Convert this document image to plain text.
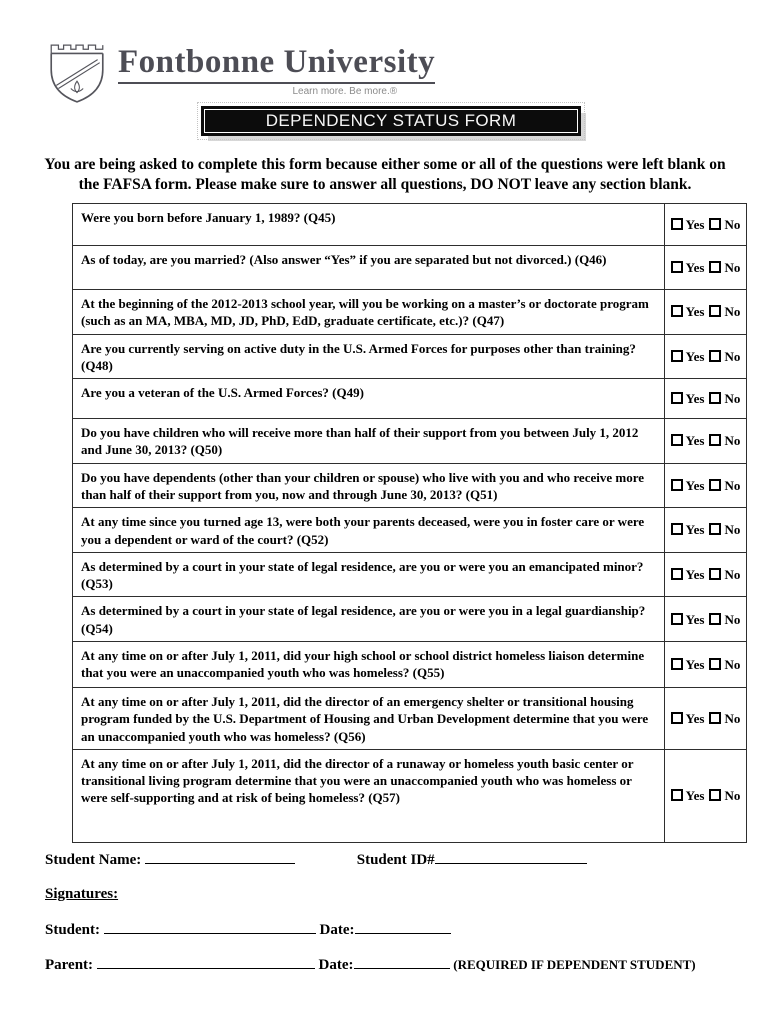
Fontbonne University
Learn more. Be more.®
DEPENDENCY STATUS FORM
You are being asked to complete this form because either some or all of the questions were left blank on
the FAFSA form. Please make sure to answer all questions, DO NOT leave any section blank.
Were you born before January 1, 1989? (Q45)	Yes No
As of today, are you married? (Also answer “Yes” if you are separated but not divorced.) (Q46)	Yes No
At the beginning of the 2012-2013 school year, will you be working on a master’s or doctorate program (such as an MA, MBA, MD, JD, PhD, EdD, graduate certificate, etc.)? (Q47)	Yes No
Are you currently serving on active duty in the U.S. Armed Forces for purposes other than training? (Q48)	Yes No
Are you a veteran of the U.S. Armed Forces? (Q49)	Yes No
Do you have children who will receive more than half of their support from you between July 1, 2012 and June 30, 2013? (Q50)	Yes No
Do you have dependents (other than your children or spouse) who live with you and who receive more than half of their support from you, now and through June 30, 2013? (Q51)	Yes No
At any time since you turned age 13, were both your parents deceased, were you in foster care or were you a dependent or ward of the court? (Q52)	Yes No
As determined by a court in your state of legal residence, are you or were you an emancipated minor? (Q53)	Yes No
As determined by a court in your state of legal residence, are you or were you in a legal guardianship? (Q54)	Yes No
At any time on or after July 1, 2011, did your high school or school district homeless liaison determine that you were an unaccompanied youth who was homeless? (Q55)	Yes No
At any time on or after July 1, 2011, did the director of an emergency shelter or transitional housing program funded by the U.S. Department of Housing and Urban Development determine that you were an unaccompanied youth who was homeless? (Q56)	Yes No
At any time on or after July 1, 2011, did the director of a runaway or homeless youth basic center or transitional living program determine that you were an unaccompanied youth who was homeless or were self-supporting and at risk of being homeless? (Q57)	Yes No
Student Name:	Student ID#
Signatures:
Student:	Date:
Parent:	Date:	(REQUIRED IF DEPENDENT STUDENT)
